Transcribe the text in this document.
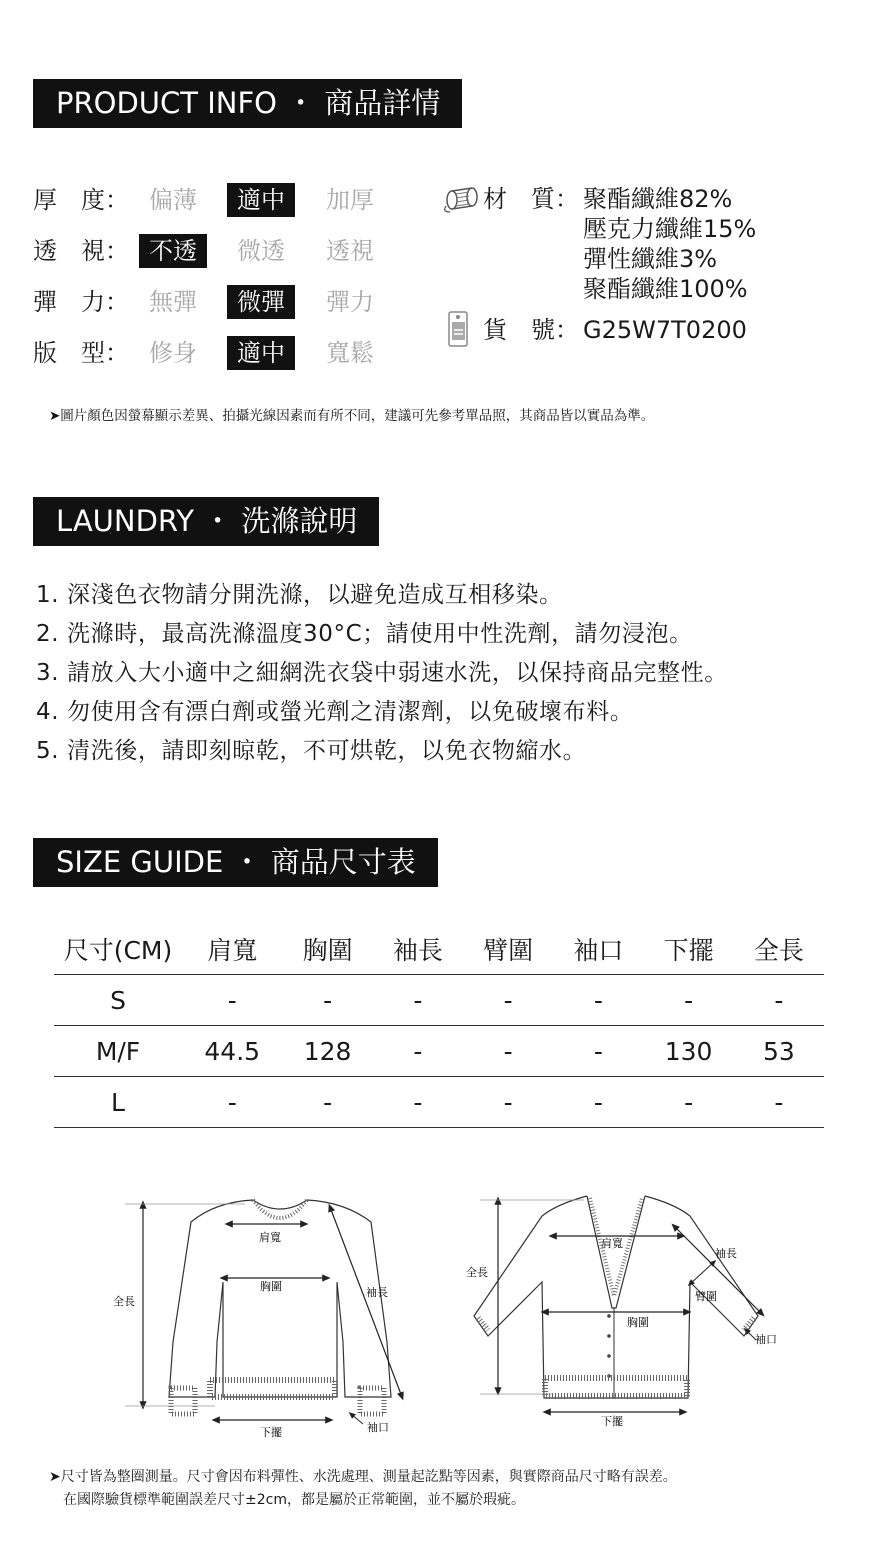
PRODUCT INFO ・ 商品詳情
厚　度： 偏薄	適中	加厚
透　視： 不透	微透	透視
彈　力： 無彈	微彈	彈力
版　型： 修身	適中	寬鬆
材　質： 聚酯纖維82%
壓克力纖維15%
彈性纖維3%
聚酯纖維100%
貨　號： G25W7T0200
➤圖片顏色因螢幕顯示差異、拍攝光線因素而有所不同，建議可先參考單品照，其商品皆以實品為準。
LAUNDRY ・ 洗滌說明
1. 深淺色衣物請分開洗滌，以避免造成互相移染。
2. 洗滌時，最高洗滌溫度30°C；請使用中性洗劑，請勿浸泡。
3. 請放入大小適中之細網洗衣袋中弱速水洗，以保持商品完整性。
4. 勿使用含有漂白劑或螢光劑之清潔劑，以免破壞布料。
5. 清洗後，請即刻晾乾，不可烘乾，以免衣物縮水。
SIZE GUIDE ・ 商品尺寸表
尺寸(CM)	肩寬	胸圍	袖長	臂圍	袖口	下擺	全長
S	-	-	-	-	-	-	-
M/F	44.5	128	-	-	-	130	53
L	-	-	-	-	-	-	-
肩寬
胸圍
全長
袖長
下擺	袖口
肩寬
全長
袖長
臂圍
胸圍
袖口
下擺
➤尺寸皆為整圈測量。尺寸會因布料彈性、水洗處理、測量起訖點等因素，與實際商品尺寸略有誤差。
　在國際驗貨標準範圍誤差尺寸±2cm，都是屬於正常範圍，並不屬於瑕疵。
